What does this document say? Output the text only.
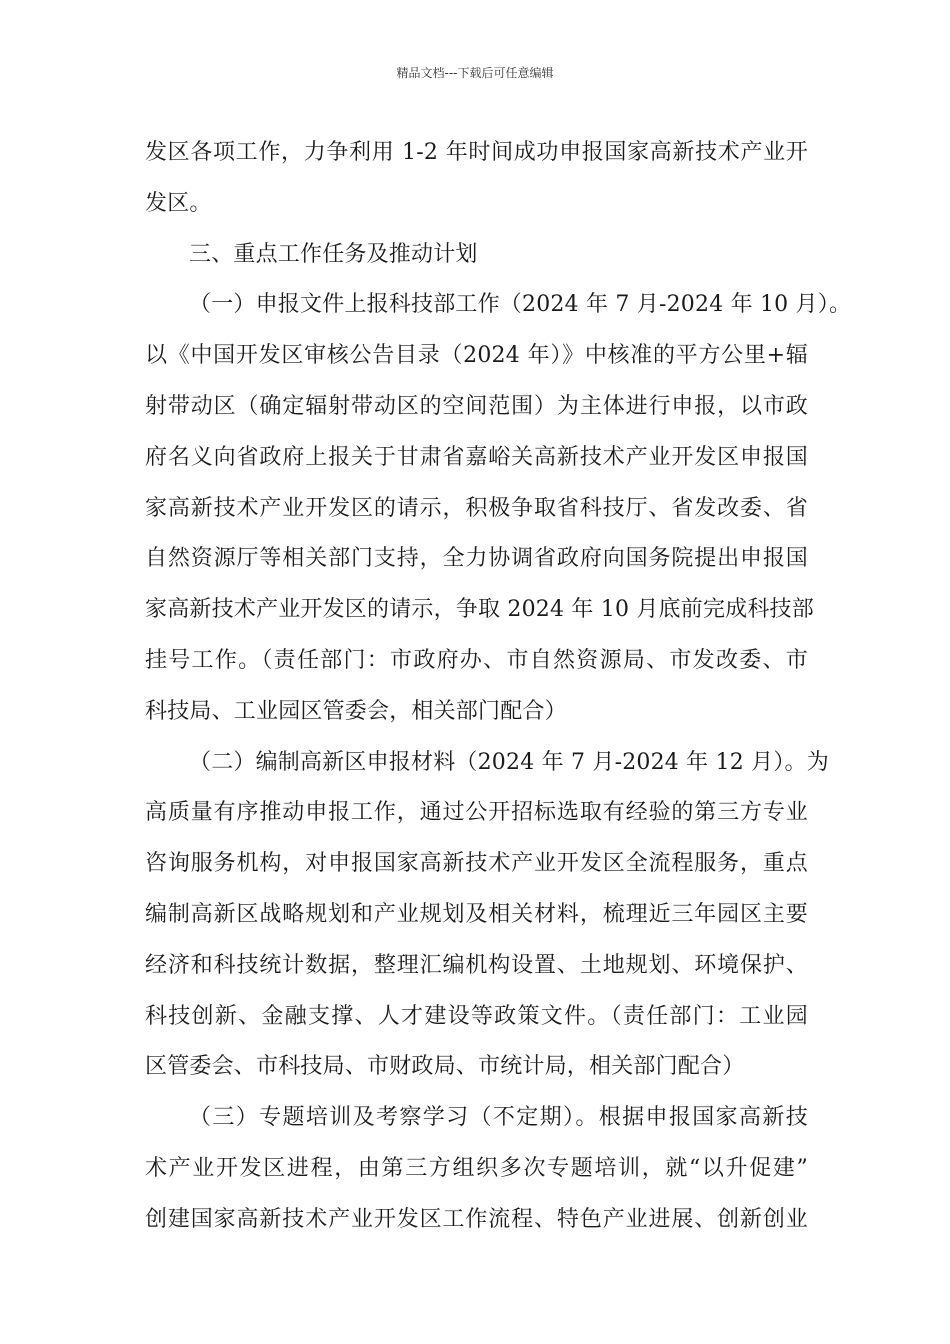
精品文档---下载后可任意编辑
发区各项工作，力争利用 1-2 年时间成功申报国家高新技术产业开
发区。
三、重点工作任务及推动计划
（一）申报文件上报科技部工作（2024 年 7 月-2024 年 10 月）。
以《中国开发区审核公告目录（2024 年）》中核准的平方公里+辐
射带动区（确定辐射带动区的空间范围）为主体进行申报，以市政
府名义向省政府上报关于甘肃省嘉峪关高新技术产业开发区申报国
家高新技术产业开发区的请示，积极争取省科技厅、省发改委、省
自然资源厅等相关部门支持，全力协调省政府向国务院提出申报国
家高新技术产业开发区的请示，争取 2024 年 10 月底前完成科技部
挂号工作。（责任部门：市政府办、市自然资源局、市发改委、市
科技局、工业园区管委会，相关部门配合）
（二）编制高新区申报材料（2024 年 7 月-2024 年 12 月）。为
高质量有序推动申报工作，通过公开招标选取有经验的第三方专业
咨询服务机构，对申报国家高新技术产业开发区全流程服务，重点
编制高新区战略规划和产业规划及相关材料，梳理近三年园区主要
经济和科技统计数据，整理汇编机构设置、土地规划、环境保护、
科技创新、金融支撑、人才建设等政策文件。（责任部门：工业园
区管委会、市科技局、市财政局、市统计局，相关部门配合）
（三）专题培训及考察学习（不定期）。根据申报国家高新技
术产业开发区进程，由第三方组织多次专题培训，就“以升促建”
创建国家高新技术产业开发区工作流程、特色产业进展、创新创业
